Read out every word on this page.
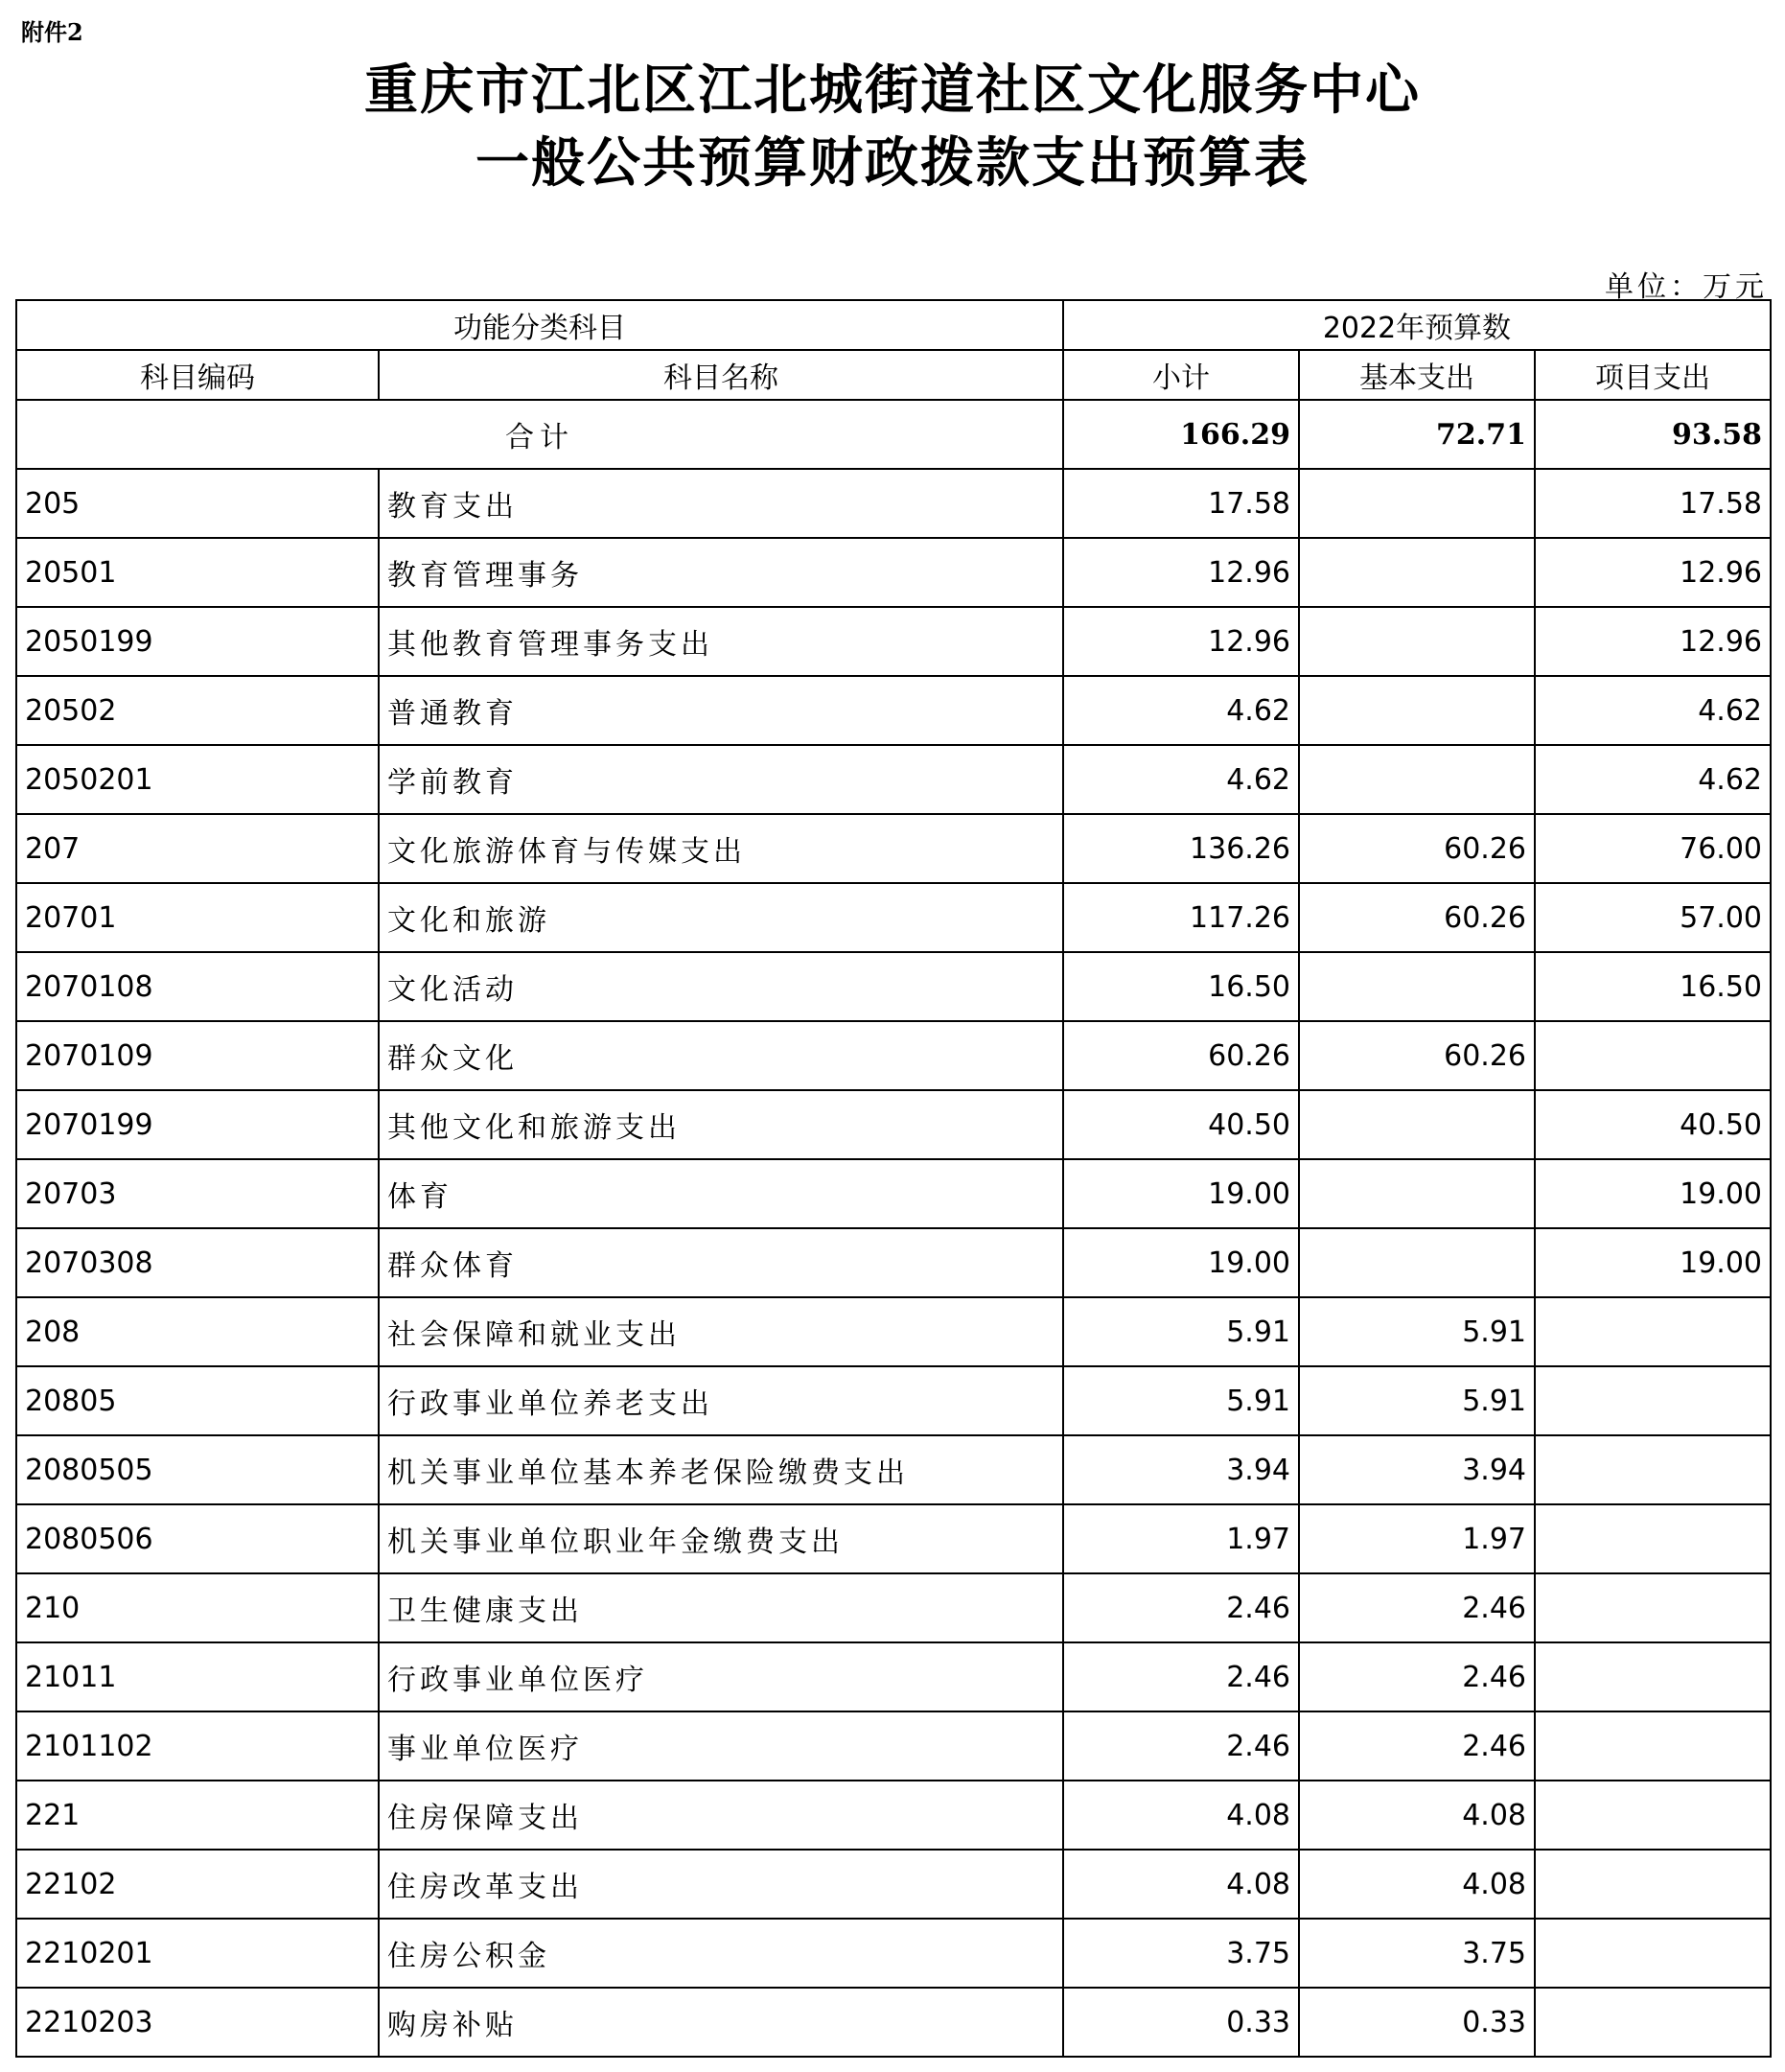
附件2
重庆市江北区江北城街道社区文化服务中心
一般公共预算财政拨款支出预算表
单位：万元
功能分类科目		2022年预算数		
科目编码	科目名称	小计	基本支出	项目支出
合计		166.29	72.71	93.58
205	教育支出	17.58		17.58
20501	教育管理事务	12.96		12.96
2050199	其他教育管理事务支出	12.96		12.96
20502	普通教育	4.62		4.62
2050201	学前教育	4.62		4.62
207	文化旅游体育与传媒支出	136.26	60.26	76.00
20701	文化和旅游	117.26	60.26	57.00
2070108	文化活动	16.50		16.50
2070109	群众文化	60.26	60.26	
2070199	其他文化和旅游支出	40.50		40.50
20703	体育	19.00		19.00
2070308	群众体育	19.00		19.00
208	社会保障和就业支出	5.91	5.91	
20805	行政事业单位养老支出	5.91	5.91	
2080505	机关事业单位基本养老保险缴费支出	3.94	3.94	
2080506	机关事业单位职业年金缴费支出	1.97	1.97	
210	卫生健康支出	2.46	2.46	
21011	行政事业单位医疗	2.46	2.46	
2101102	事业单位医疗	2.46	2.46	
221	住房保障支出	4.08	4.08	
22102	住房改革支出	4.08	4.08	
2210201	住房公积金	3.75	3.75	
2210203	购房补贴	0.33	0.33	
